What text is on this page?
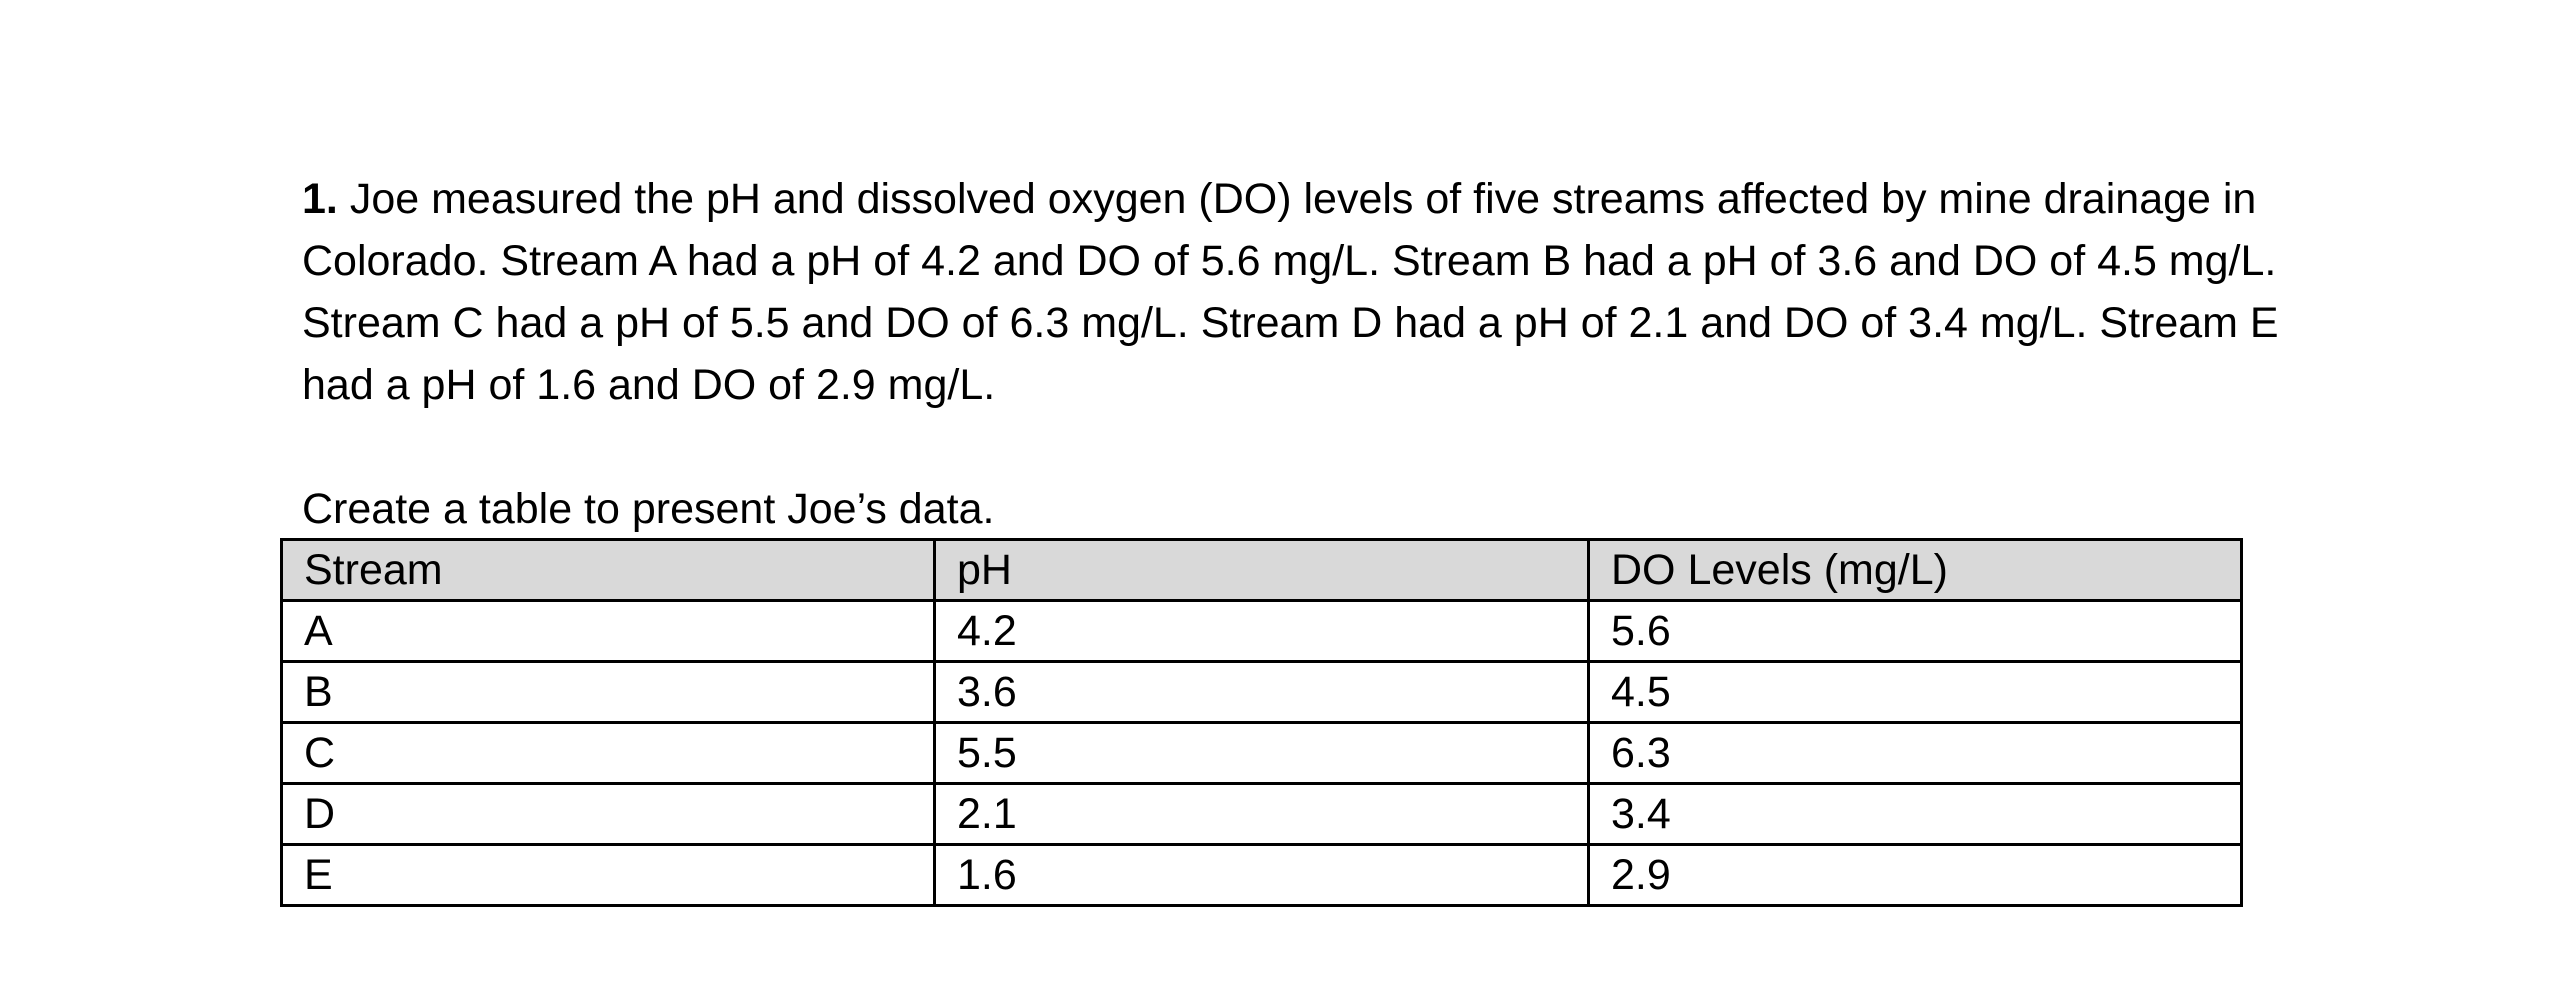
1. Joe measured the pH and dissolved oxygen (DO) levels of five streams affected by mine drainage in Colorado. Stream A had a pH of 4.2 and DO of 5.6 mg/L. Stream B had a pH of 3.6 and DO of 4.5 mg/L. Stream C had a pH of 5.5 and DO of 6.3 mg/L. Stream D had a pH of 2.1 and DO of 3.4 mg/L. Stream E had a pH of 1.6 and DO of 2.9 mg/L.

Create a table to present Joe’s data.

Stream	pH	DO Levels (mg/L)
A	4.2	5.6
B	3.6	4.5
C	5.5	6.3
D	2.1	3.4
E	1.6	2.9
